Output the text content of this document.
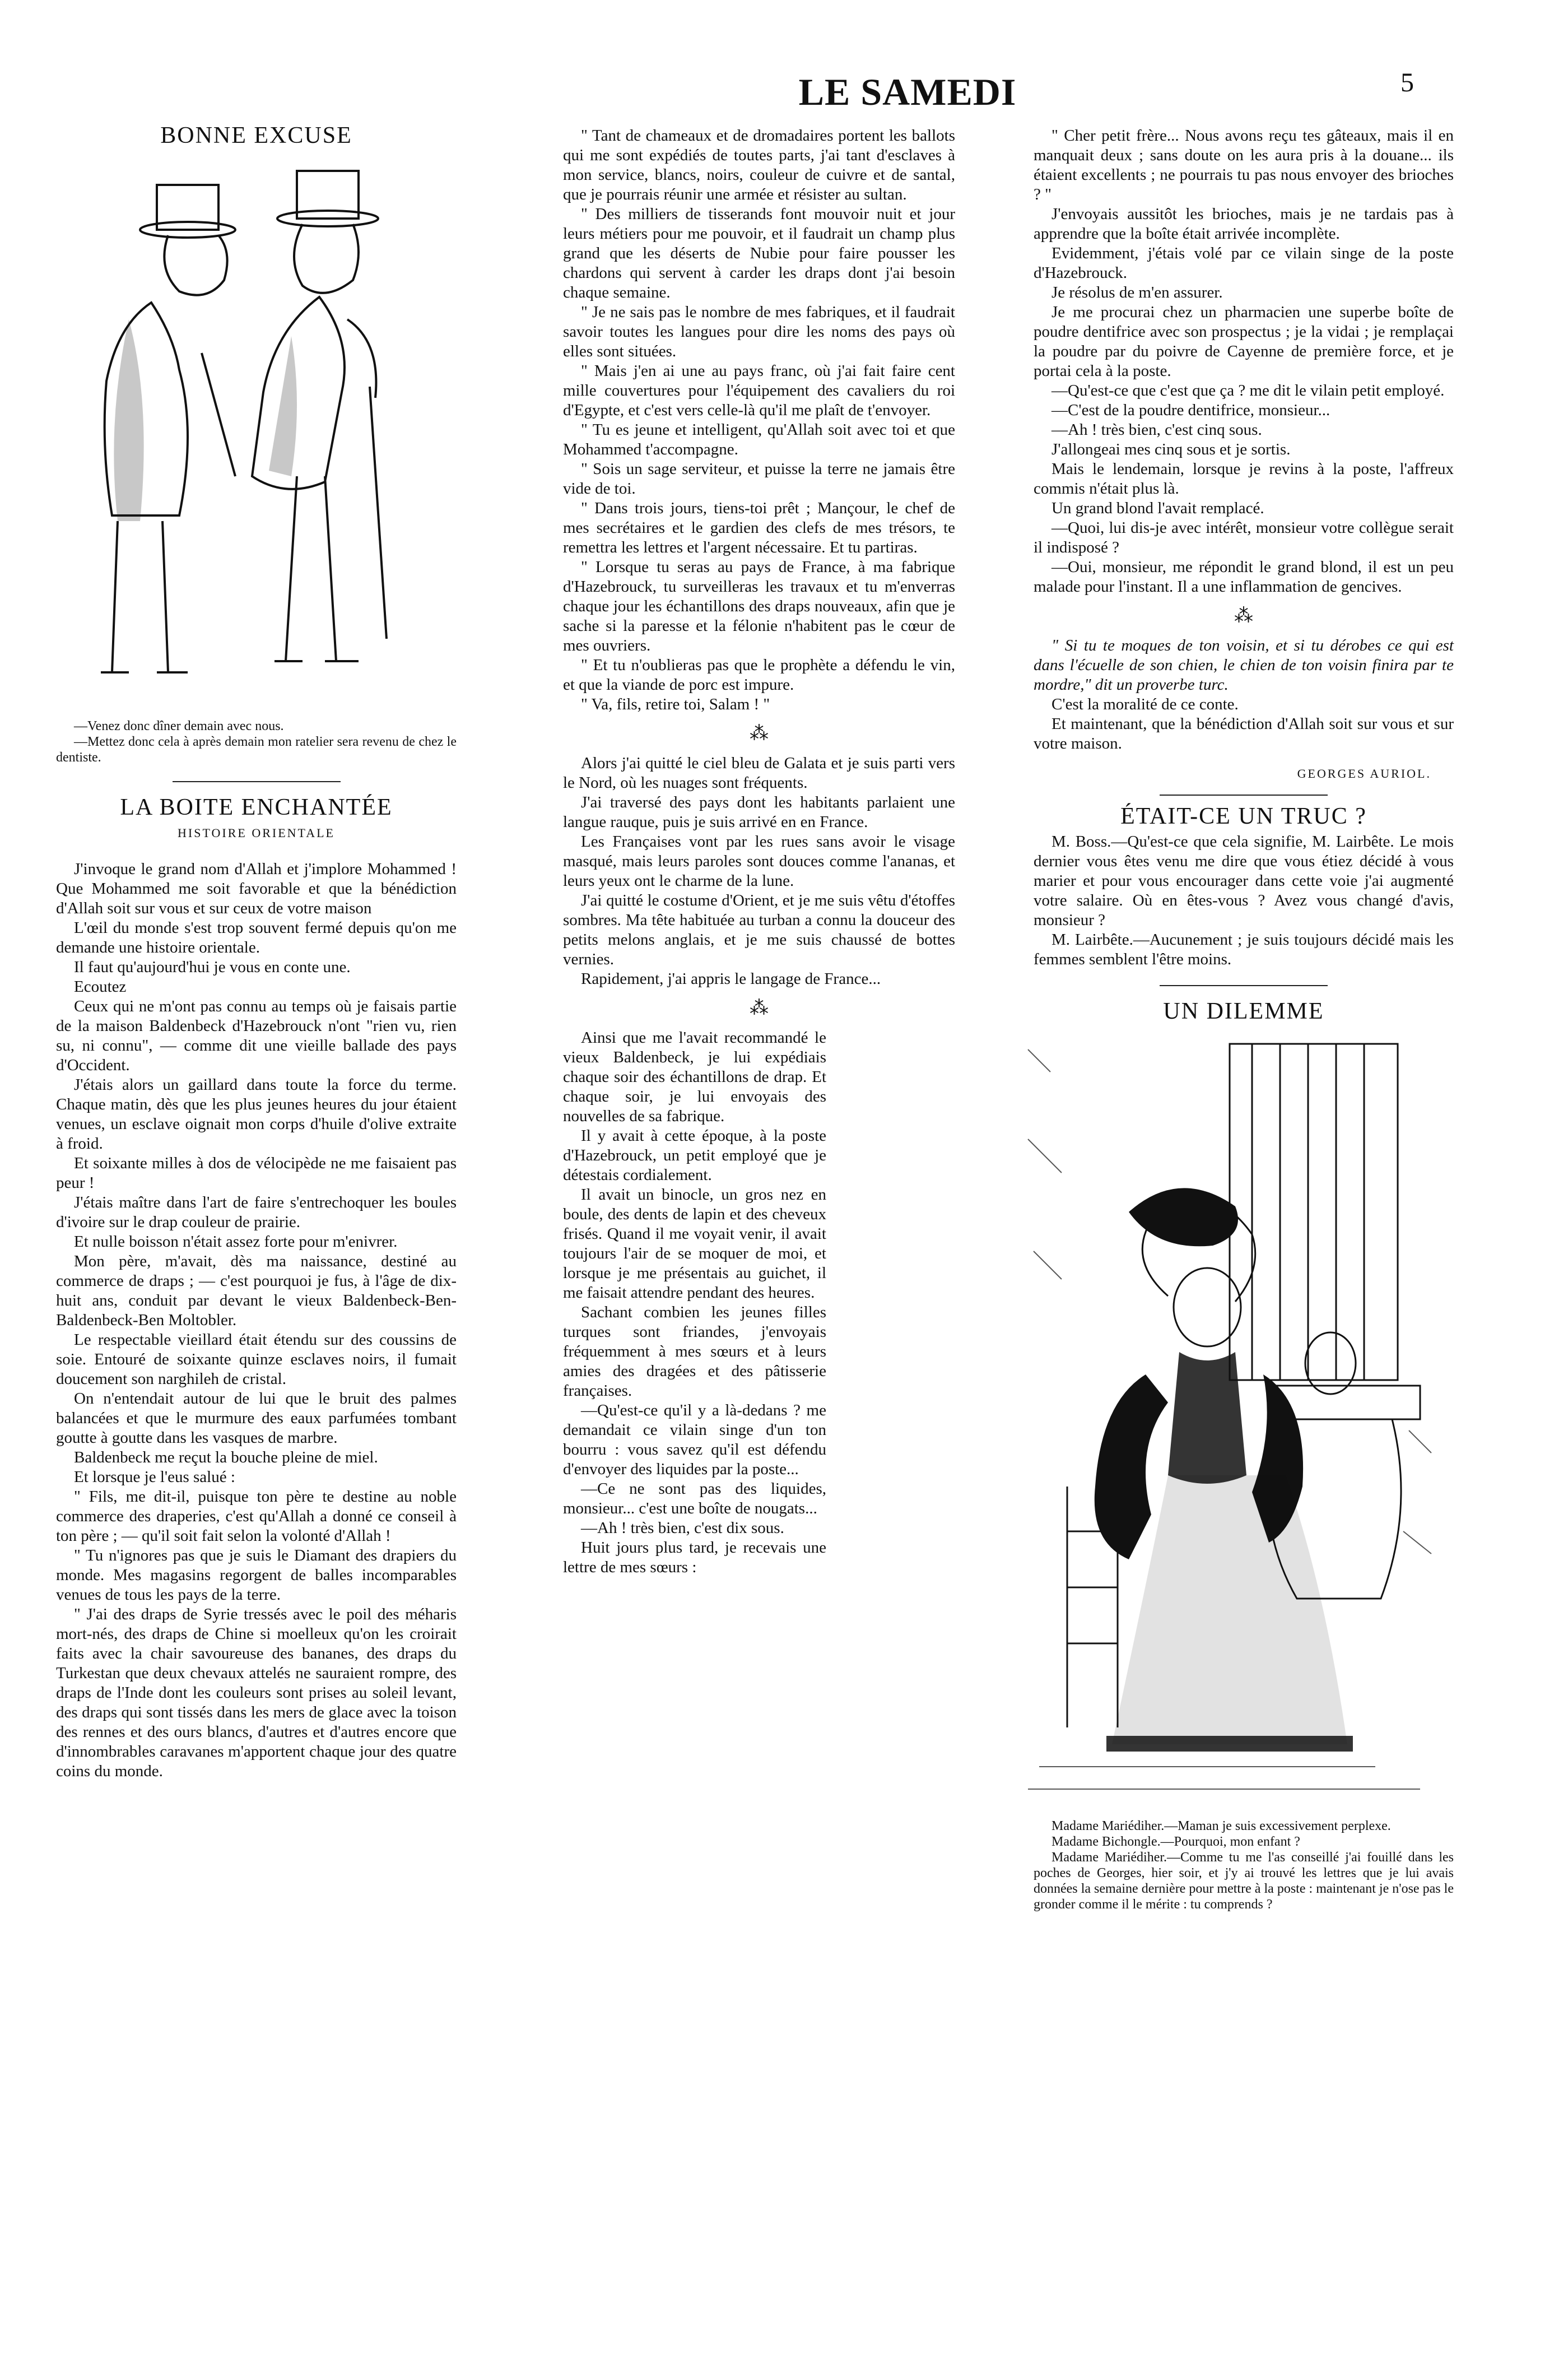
LE SAMEDI	5
BONNE EXCUSE

—Venez donc dîner demain avec nous.

—Mettez donc cela à après demain mon ratelier sera revenu de chez le dentiste.

LA BOITE ENCHANTÉE
HISTOIRE ORIENTALE

J'invoque le grand nom d'Allah et j'implore Mohammed ! Que Mohammed me soit favorable et que la bénédiction d'Allah soit sur vous et sur ceux de votre maison

L'œil du monde s'est trop souvent fermé depuis qu'on me demande une histoire orientale.

Il faut qu'aujourd'hui je vous en conte une.

Ecoutez

Ceux qui ne m'ont pas connu au temps où je faisais partie de la maison Baldenbeck d'Hazebrouck n'ont "rien vu, rien su, ni connu", — comme dit une vieille ballade des pays d'Occident.

J'étais alors un gaillard dans toute la force du terme. Chaque matin, dès que les plus jeunes heures du jour étaient venues, un esclave oignait mon corps d'huile d'olive extraite à froid.

Et soixante milles à dos de vélocipède ne me faisaient pas peur !

J'étais maître dans l'art de faire s'entrechoquer les boules d'ivoire sur le drap couleur de prairie.

Et nulle boisson n'était assez forte pour m'enivrer.

Mon père, m'avait, dès ma naissance, destiné au commerce de draps ; — c'est pourquoi je fus, à l'âge de dix-huit ans, conduit par devant le vieux Baldenbeck-Ben-Baldenbeck-Ben Moltobler.

Le respectable vieillard était étendu sur des coussins de soie. Entouré de soixante quinze esclaves noirs, il fumait doucement son narghileh de cristal.

On n'entendait autour de lui que le bruit des palmes balancées et que le murmure des eaux parfumées tombant goutte à goutte dans les vasques de marbre.

Baldenbeck me reçut la bouche pleine de miel.

Et lorsque je l'eus salué :

" Fils, me dit-il, puisque ton père te destine au noble commerce des draperies, c'est qu'Allah a donné ce conseil à ton père ; — qu'il soit fait selon la volonté d'Allah !

" Tu n'ignores pas que je suis le Diamant des drapiers du monde. Mes magasins regorgent de balles incomparables venues de tous les pays de la terre.

" J'ai des draps de Syrie tressés avec le poil des méharis mort-nés, des draps de Chine si moelleux qu'on les croirait faits avec la chair savoureuse des bananes, des draps du Turkestan que deux chevaux attelés ne sauraient rompre, des draps de l'Inde dont les couleurs sont prises au soleil levant, des draps qui sont tissés dans les mers de glace avec la toison des rennes et des ours blancs, d'autres et d'autres encore que d'innombrables caravanes m'apportent chaque jour des quatre coins du monde.

" Tant de chameaux et de dromadaires portent les ballots qui me sont expédiés de toutes parts, j'ai tant d'esclaves à mon service, blancs, noirs, couleur de cuivre et de santal, que je pourrais réunir une armée et résister au sultan.

" Des milliers de tisserands font mouvoir nuit et jour leurs métiers pour me pouvoir, et il faudrait un champ plus grand que les déserts de Nubie pour faire pousser les chardons qui servent à carder les draps dont j'ai besoin chaque semaine.

" Je ne sais pas le nombre de mes fabriques, et il faudrait savoir toutes les langues pour dire les noms des pays où elles sont situées.

" Mais j'en ai une au pays franc, où j'ai fait faire cent mille couvertures pour l'équipement des cavaliers du roi d'Egypte, et c'est vers celle-là qu'il me plaît de t'envoyer.

" Tu es jeune et intelligent, qu'Allah soit avec toi et que Mohammed t'accompagne.

" Sois un sage serviteur, et puisse la terre ne jamais être vide de toi.

" Dans trois jours, tiens-toi prêt ; Mançour, le chef de mes secrétaires et le gardien des clefs de mes trésors, te remettra les lettres et l'argent nécessaire. Et tu partiras.

" Lorsque tu seras au pays de France, à ma fabrique d'Hazebrouck, tu surveilleras les travaux et tu m'enverras chaque jour les échantillons des draps nouveaux, afin que je sache si la paresse et la félonie n'habitent pas le cœur de mes ouvriers.

" Et tu n'oublieras pas que le prophète a défendu le vin, et que la viande de porc est impure.

" Va, fils, retire toi, Salam ! "

⁂

Alors j'ai quitté le ciel bleu de Galata et je suis parti vers le Nord, où les nuages sont fréquents.

J'ai traversé des pays dont les habitants parlaient une langue rauque, puis je suis arrivé en en France.

Les Françaises vont par les rues sans avoir le visage masqué, mais leurs paroles sont douces comme l'ananas, et leurs yeux ont le charme de la lune.

J'ai quitté le costume d'Orient, et je me suis vêtu d'étoffes sombres. Ma tête habituée au turban a connu la douceur des petits melons anglais, et je me suis chaussé de bottes vernies.

Rapidement, j'ai appris le langage de France...

⁂

Ainsi que me l'avait recommandé le vieux Baldenbeck, je lui expédiais chaque soir des échantillons de drap. Et chaque soir, je lui envoyais des nouvelles de sa fabrique.

Il y avait à cette époque, à la poste d'Hazebrouck, un petit employé que je détestais cordialement.

Il avait un binocle, un gros nez en boule, des dents de lapin et des cheveux frisés. Quand il me voyait venir, il avait toujours l'air de se moquer de moi, et lorsque je me présentais au guichet, il me faisait attendre pendant des heures.

Sachant combien les jeunes filles turques sont friandes, j'envoyais fréquemment à mes sœurs et à leurs amies des dragées et des pâtisserie françaises.

—Qu'est-ce qu'il y a là-dedans ? me demandait ce vilain singe d'un ton bourru : vous savez qu'il est défendu d'envoyer des liquides par la poste...

—Ce ne sont pas des liquides, monsieur... c'est une boîte de nougats...

—Ah ! très bien, c'est dix sous.

Huit jours plus tard, je recevais une lettre de mes sœurs :

" Cher petit frère... Nous avons reçu tes gâteaux, mais il en manquait deux ; sans doute on les aura pris à la douane... ils étaient excellents ; ne pourrais tu pas nous envoyer des brioches ? "

J'envoyais aussitôt les brioches, mais je ne tardais pas à apprendre que la boîte était arrivée incomplète.

Evidemment, j'étais volé par ce vilain singe de la poste d'Hazebrouck.

Je résolus de m'en assurer.

Je me procurai chez un pharmacien une superbe boîte de poudre dentifrice avec son prospectus ; je la vidai ; je remplaçai la poudre par du poivre de Cayenne de première force, et je portai cela à la poste.

—Qu'est-ce que c'est que ça ? me dit le vilain petit employé.

—C'est de la poudre dentifrice, monsieur...

—Ah ! très bien, c'est cinq sous.

J'allongeai mes cinq sous et je sortis.

Mais le lendemain, lorsque je revins à la poste, l'affreux commis n'était plus là.

Un grand blond l'avait remplacé.

—Quoi, lui dis-je avec intérêt, monsieur votre collègue serait il indisposé ?

—Oui, monsieur, me répondit le grand blond, il est un peu malade pour l'instant. Il a une inflammation de gencives.

⁂

" Si tu te moques de ton voisin, et si tu dérobes ce qui est dans l'écuelle de son chien, le chien de ton voisin finira par te mordre," dit un proverbe turc.

C'est la moralité de ce conte.

Et maintenant, que la bénédiction d'Allah soit sur vous et sur votre maison.

GEORGES AURIOL.
ÉTAIT-CE UN TRUC ?

M. Boss.—Qu'est-ce que cela signifie, M. Lairbête. Le mois dernier vous êtes venu me dire que vous étiez décidé à vous marier et pour vous encourager dans cette voie j'ai augmenté votre salaire. Où en êtes-vous ? Avez vous changé d'avis, monsieur ?

M. Lairbête.—Aucunement ; je suis toujours décidé mais les femmes semblent l'être moins.

UN DILEMME

Madame Mariédiher.—Maman je suis excessivement perplexe.

Madame Bichongle.—Pourquoi, mon enfant ?

Madame Mariédiher.—Comme tu me l'as conseillé j'ai fouillé dans les poches de Georges, hier soir, et j'y ai trouvé les lettres que je lui avais données la semaine dernière pour mettre à la poste : maintenant je n'ose pas le gronder comme il le mérite : tu comprends ?
